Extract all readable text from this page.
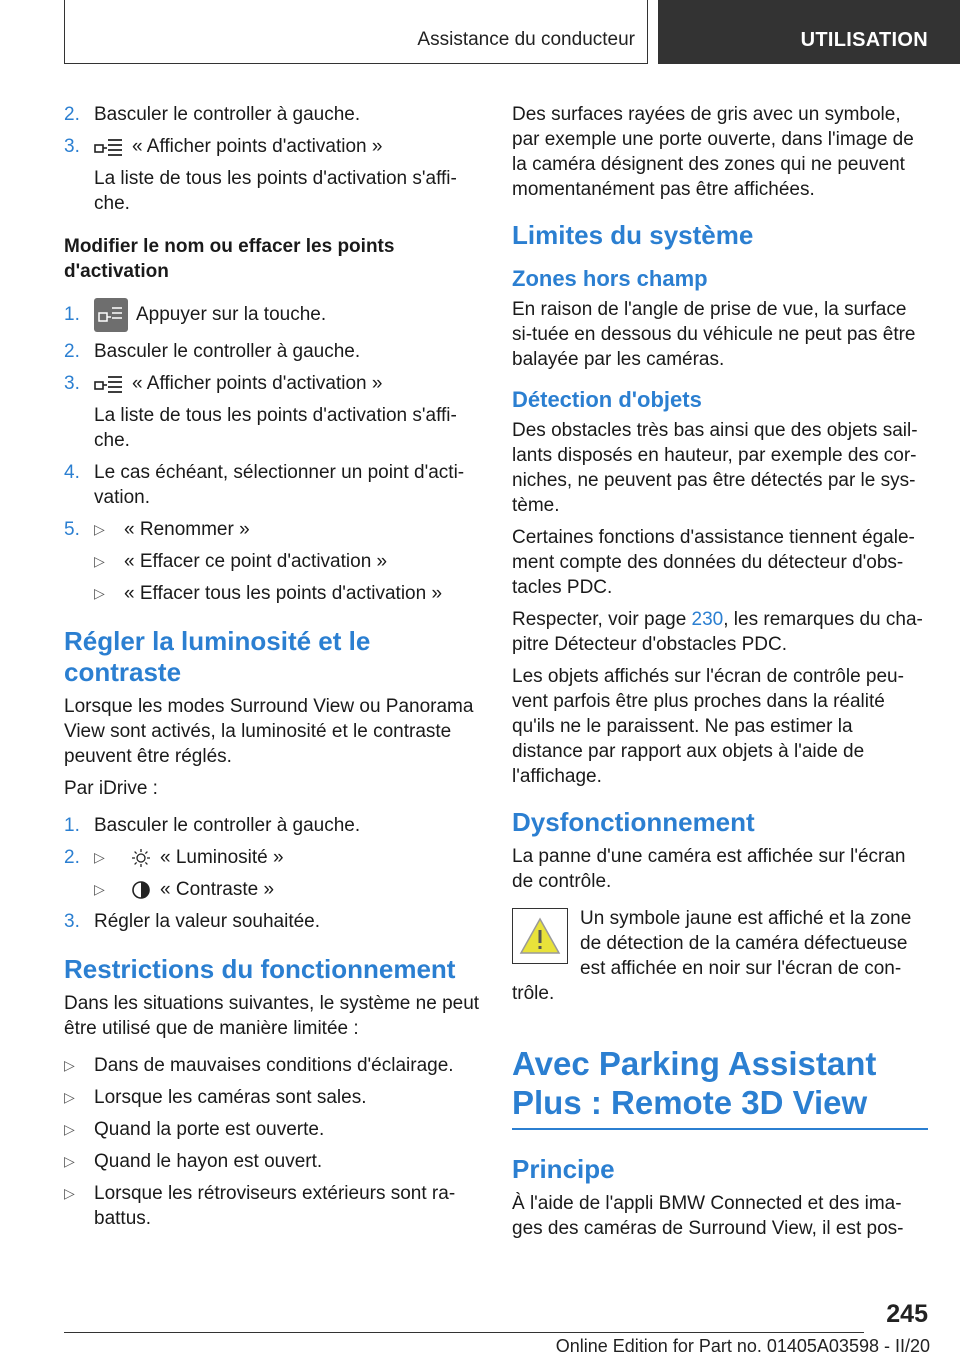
Assistance du conducteur	UTILISATION
2. Basculer le controller à gauche.
3.	« Afficher points d'activation »

La liste de tous les points d'activation s'affi-che.

Modifier le nom ou effacer les points d'activation

1.	Appuyer sur la touche.
2. Basculer le controller à gauche.
3.	« Afficher points d'activation »

La liste de tous les points d'activation s'affi-che.

4. Le cas échéant, sélectionner un point d'acti-vation.
5. ▷ « Renommer »
▷ « Effacer ce point d'activation »
▷ « Effacer tous les points d'activation »
Régler la luminosité et le contraste

Lorsque les modes Surround View ou Panorama View sont activés, la luminosité et le contraste peuvent être réglés.

Par iDrive :

1. Basculer le controller à gauche.
2. ▷	« Luminosité »
▷	« Contraste »
3. Régler la valeur souhaitée.
Restrictions du fonctionnement

Dans les situations suivantes, le système ne peut être utilisé que de manière limitée :

▷ Dans de mauvaises conditions d'éclairage.
▷ Lorsque les caméras sont sales.
▷ Quand la porte est ouverte.
▷ Quand le hayon est ouvert.
▷ Lorsque les rétroviseurs extérieurs sont ra-battus.

Des surfaces rayées de gris avec un symbole, par exemple une porte ouverte, dans l'image de la caméra désignent des zones qui ne peuvent momentanément pas être affichées.

Limites du système
Zones hors champ

En raison de l'angle de prise de vue, la surface si-tuée en dessous du véhicule ne peut pas être balayée par les caméras.

Détection d'objets

Des obstacles très bas ainsi que des objets sail-lants disposés en hauteur, par exemple des cor-niches, ne peuvent pas être détectés par le sys-tème.

Certaines fonctions d'assistance tiennent égale-ment compte des données du détecteur d'obs-tacles PDC.

Respecter, voir page 230, les remarques du cha-pitre Détecteur d'obstacles PDC.

Les objets affichés sur l'écran de contrôle peu-vent parfois être plus proches dans la réalité qu'ils ne le paraissent. Ne pas estimer la distance par rapport aux objets à l'aide de l'affichage.

Dysfonctionnement

La panne d'une caméra est affichée sur l'écran de contrôle.

Un symbole jaune est affiché et la zone de détection de la caméra défectueuse est affichée en noir sur l'écran de con-trôle.
Avec Parking Assistant Plus : Remote 3D View
Principe

À l'aide de l'appli BMW Connected et des ima-ges des caméras de Surround View, il est pos-

245
Online Edition for Part no. 01405A03598 - II/20
